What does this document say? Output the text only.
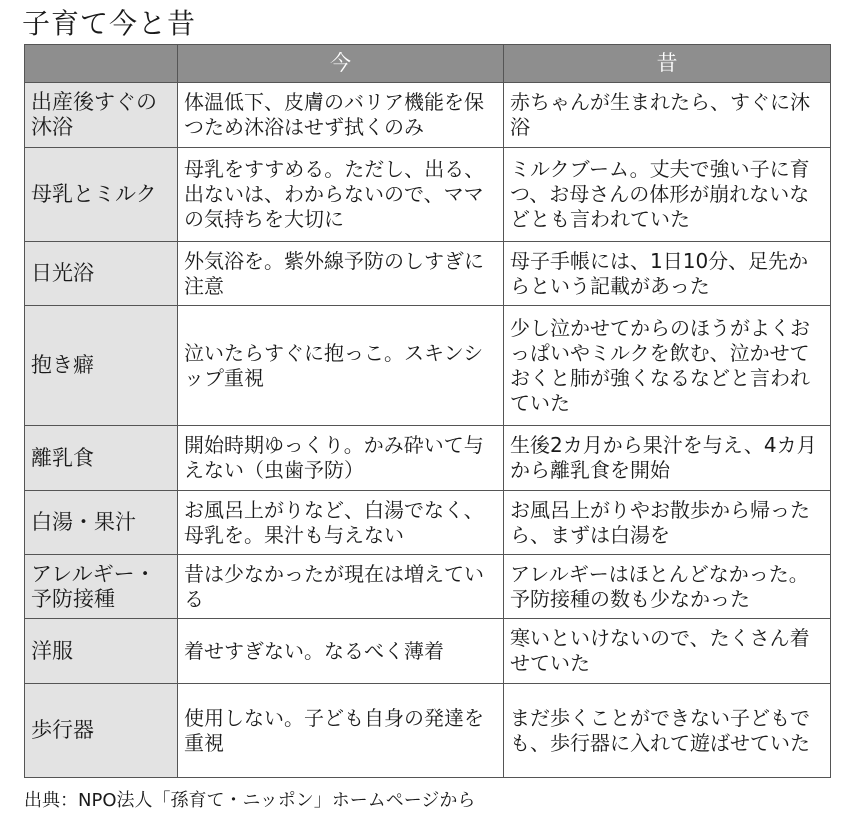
子育て今と昔
	今	昔
出産後すぐの沐浴	体温低下、皮膚のバリア機能を保つため沐浴はせず拭くのみ	赤ちゃんが生まれたら、すぐに沐浴
母乳とミルク	母乳をすすめる。ただし、出る、出ないは、わからないので、ママの気持ちを大切に	ミルクブーム。丈夫で強い子に育つ、お母さんの体形が崩れないなどとも言われていた
日光浴	外気浴を。紫外線予防のしすぎに注意	母子手帳には、1日10分、足先からという記載があった
抱き癖	泣いたらすぐに抱っこ。スキンシップ重視	少し泣かせてからのほうがよくおっぱいやミルクを飲む、泣かせておくと肺が強くなるなどと言われていた
離乳食	開始時期ゆっくり。かみ砕いて与えない（虫歯予防）	生後2カ月から果汁を与え、4カ月から離乳食を開始
白湯・果汁	お風呂上がりなど、白湯でなく、母乳を。果汁も与えない	お風呂上がりやお散歩から帰ったら、まずは白湯を
アレルギー・予防接種	昔は少なかったが現在は増えている	アレルギーはほとんどなかった。予防接種の数も少なかった
洋服	着せすぎない。なるべく薄着	寒いといけないので、たくさん着せていた
歩行器	使用しない。子ども自身の発達を重視	まだ歩くことができない子どもでも、歩行器に入れて遊ばせていた

出典：NPO法人「孫育て・ニッポン」ホームページから
